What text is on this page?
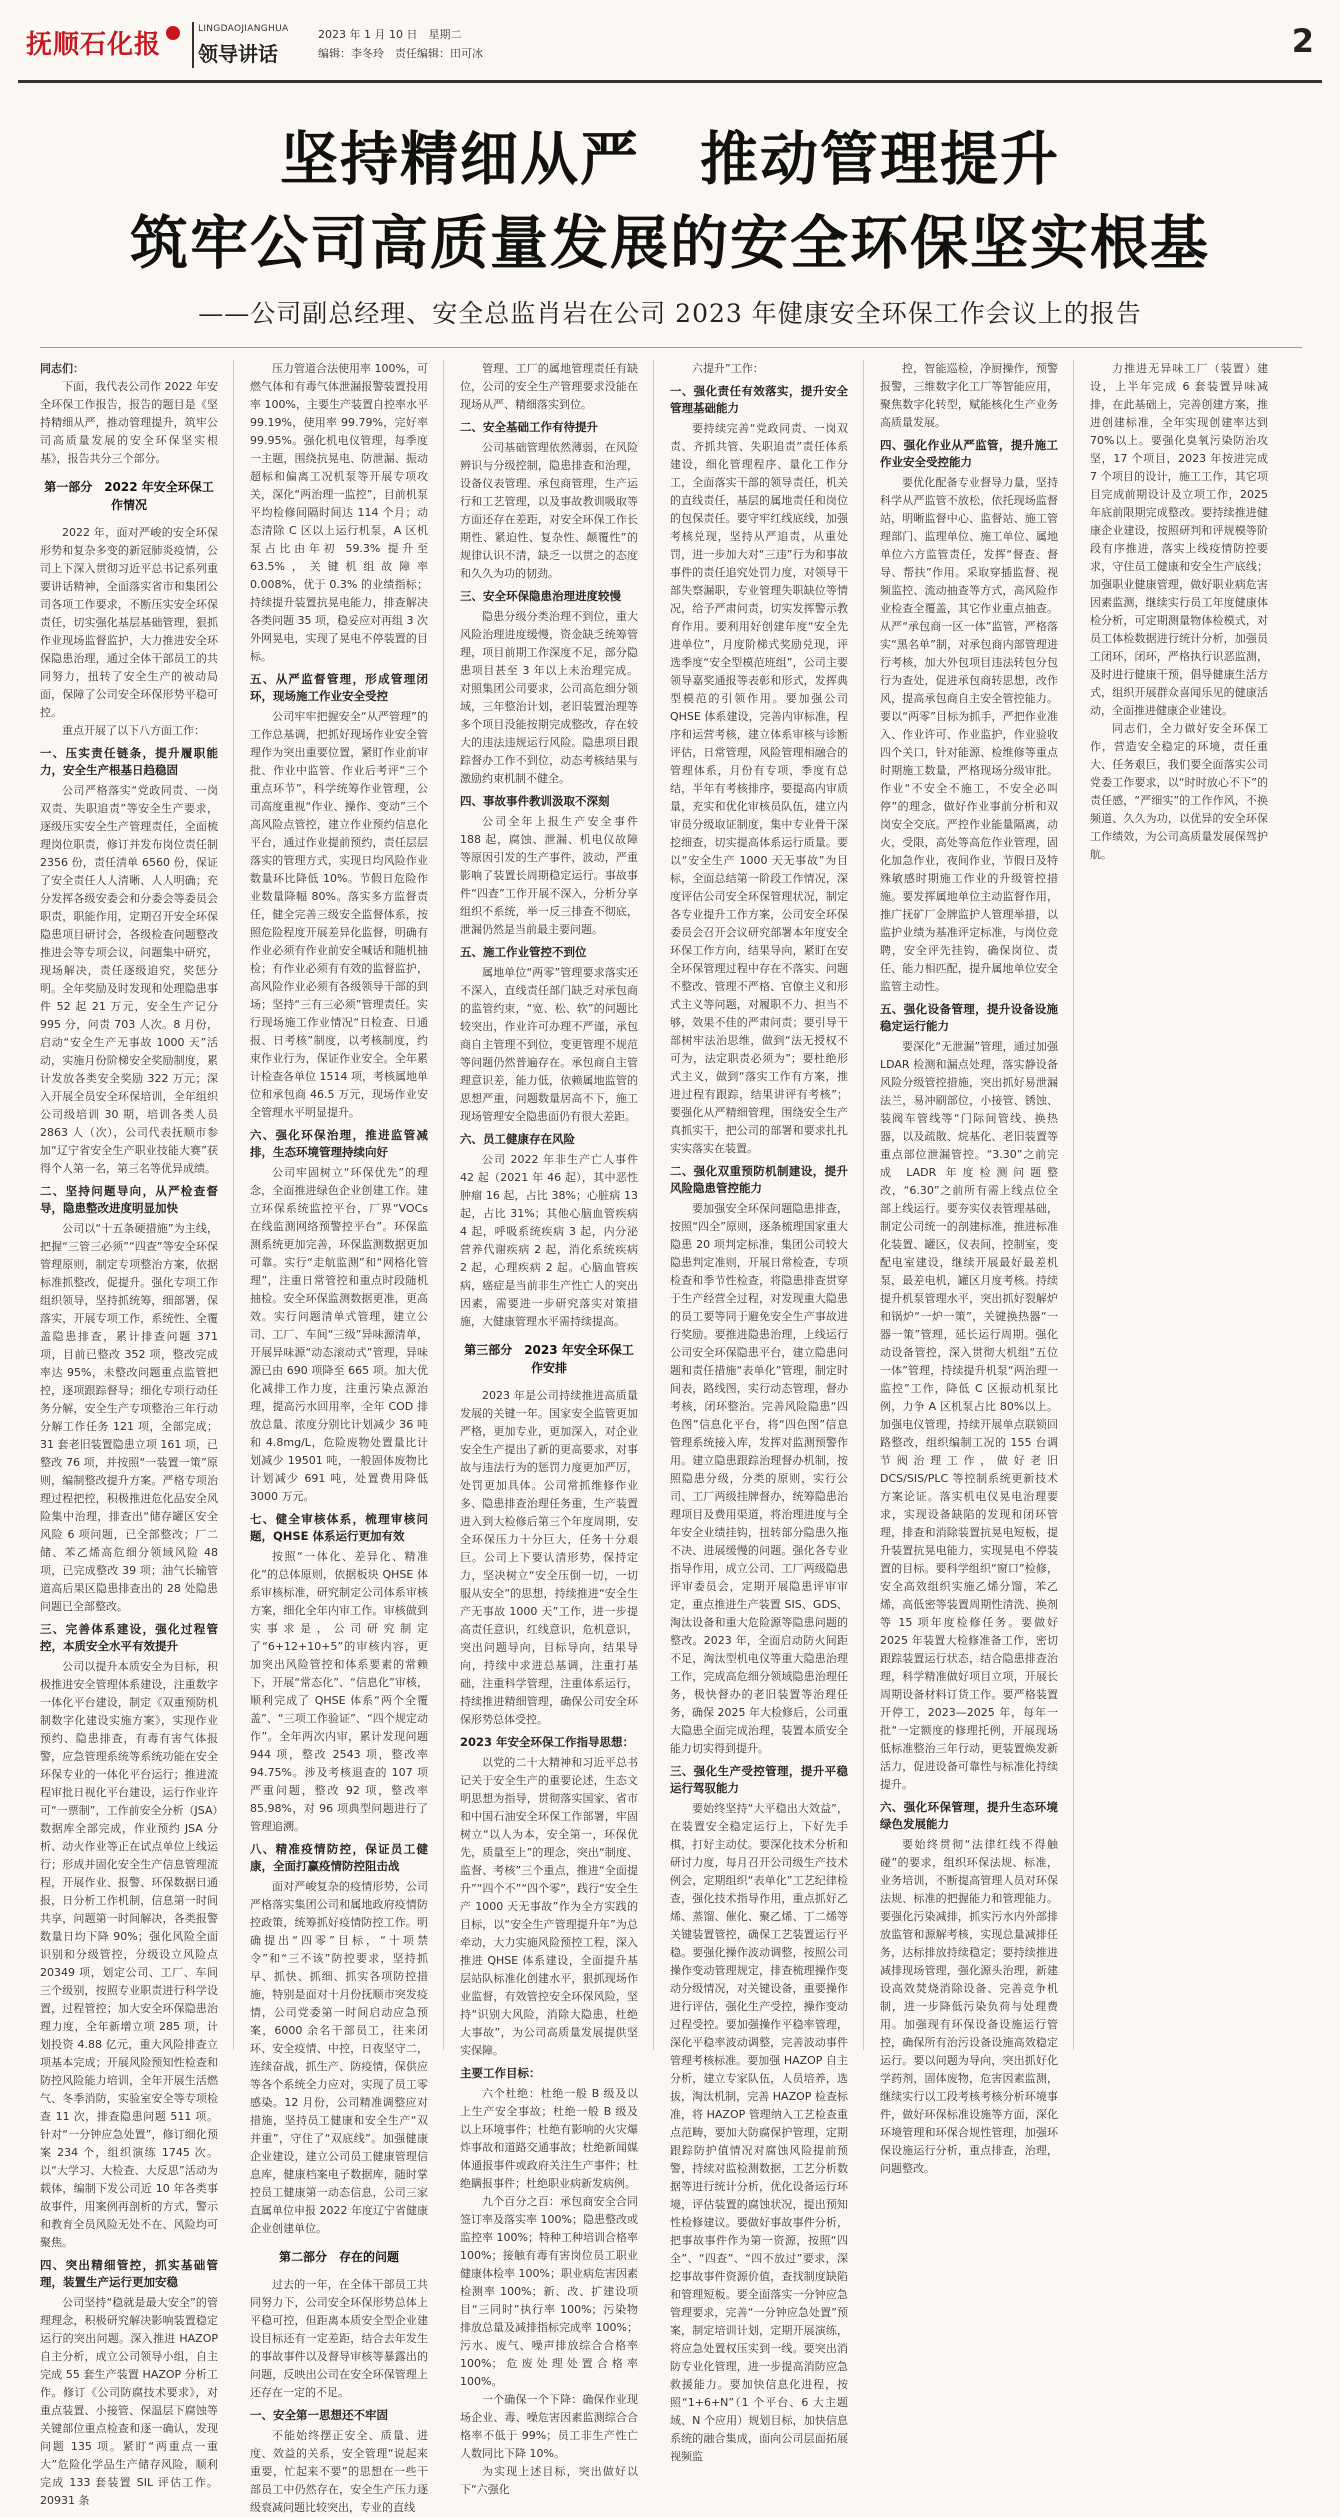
抚顺石化报
LINGDAOJIANGHUA
领导讲话
2023 年 1 月 10 日　星期二
编辑：李冬玲　责任编辑：田可冰	2
坚持精细从严　推动管理提升
筑牢公司高质量发展的安全环保坚实根基
——公司副总经理、安全总监肖岩在公司 2023 年健康安全环保工作会议上的报告

同志们：

下面，我代表公司作 2022 年安全环保工作报告，报告的题目是《坚持精细从严，推动管理提升，筑牢公司高质量发展的安全环保坚实根基》，报告共分三个部分。

第一部分　2022 年安全环保工作情况

2022 年，面对严峻的安全环保形势和复杂多变的新冠肺炎疫情，公司上下深入贯彻习近平总书记系列重要讲话精神，全面落实省市和集团公司各项工作要求，不断压实安全环保责任，切实强化基层基础管理，狠抓作业现场监督监护，大力推进安全环保隐患治理，通过全体干部员工的共同努力，扭转了安全生产的被动局面，保障了公司安全环保形势平稳可控。

重点开展了以下八方面工作：

一、压实责任链条，提升履职能力，安全生产根基日趋稳固

公司严格落实“党政同责、一岗双责、失职追责”等安全生产要求，逐级压实安全生产管理责任，全面梳理岗位职责，修订并发布岗位责任制 2356 份，责任清单 6560 份，保证了安全责任人人清晰、人人明确；充分发挥各级安委会和分委会等委员会职责，职能作用，定期召开安全环保隐患项目研讨会，各级检查问题整改推进会等专项会议，问题集中研究，现场解决，责任逐级追究，奖惩分明。全年奖励及时发现和处理隐患事件 52 起 21 万元，安全生产记分 995 分，问责 703 人次。8 月份，启动“安全生产无事故 1000 天”活动，实施月份阶梯安全奖励制度，累计发放各类安全奖励 322 万元；深入开展全员安全环保培训，全年组织公司级培训 30 期，培训各类人员 2863 人（次），公司代表抚顺市参加“辽宁省安全生产职业技能大赛”获得个人第一名，第三名等优异成绩。

二、坚持问题导向，从严检查督导，隐患整改进度明显加快

公司以“十五条硬措施”为主线，把握“三管三必须”“四查”等安全环保管理原则，制定专项整治方案，依据标准抓整改，促提升。强化专项工作组织领导，坚持抓统筹，细部署，保落实，开展专项工作，系统性、全覆盖隐患排查，累计排查问题 371 项，目前已整改 352 项，整改完成率达 95%，未整改问题重点监管把控，逐项跟踪督导；细化专项行动任务分解，安全生产专项整治三年行动分解工作任务 121 项，全部完成；31 套老旧装置隐患立项 161 项，已整改 76 项，并按照“一装置一策”原则，编制整改提升方案。严格专项治理过程把控，积极推进危化品安全风险集中治理，排查出“储存罐区安全风险 6 项问题，已全部整改；厂二储、苯乙烯高危细分领域风险 48 项，已完成整改 39 项；油气长输管道高后果区隐患排查出的 28 处隐患问题已全部整改。

三、完善体系建设，强化过程管控，本质安全水平有效提升

公司以提升本质安全为目标，积极推进安全管理体系建设，注重数字一体化平台建设，制定《双重预防机制数字化建设实施方案》，实现作业预约、隐患排查，有毒有害气体报警，应急管理系统等系统功能在安全环保专业的一体化平台运行；推进流程审批日视化平台建设，运行作业许可“一票制”，工作前安全分析（JSA）数据库全部完成，作业预约 JSA 分析、动火作业等正在试点单位上线运行；形成并固化安全生产信息管理流程，开展作业、报警、环保数据日通报，日分析工作机制，信息第一时间共享，问题第一时间解决，各类报警数量日均下降 90%；强化风险全面识别和分级管控，分级设立风险点 20349 项，划定公司、工厂、车间三个级别，按照专业职责进行科学设置，过程管控；加大安全环保隐患治理力度，全年新增立项 285 项，计划投资 4.88 亿元，重大风险排查立项基本完成；开展风险预知性检查和防控风险能力培训，全年开展生活燃气、冬季消防，实验室安全等专项检查 11 次，排查隐患问题 511 项。针对“一分钟应急处置”，修订细化预案 234 个，组织演练 1745 次。以“大学习、大检查、大反思”活动为载体，编制下发公司近 10 年各类事故事件，用案例再剖析的方式，警示和教育全员风险无处不在、风险均可聚焦。

四、突出精细管控，抓实基础管理，装置生产运行更加安稳

公司坚持“稳就是最大安全”的管理理念，积极研究解决影响装置稳定运行的突出问题。深入推进 HAZOP 自主分析，成立公司领导小组，自主完成 55 套生产装置 HAZOP 分析工作。修订《公司防腐技术要求》，对重点装置、小接管、保温层下腐蚀等关键部位重点检查和逐一确认，发现问题 135 项。紧盯“两重点一重大”危险化学品生产储存风险，顺利完成 133 套装置 SIL 评估工作。20931 条

压力管道合法使用率 100%，可燃气体和有毒气体泄漏报警装置投用率 100%，主要生产装置自控率水平 99.19%，使用率 99.79%，完好率 99.95%。强化机电仪管理，每季度一主题，围绕抗晃电、防泄漏、振动超标和偏离工况机泵等开展专项攻关，深化“两治理一监控”，目前机泵平均检修间隔时间达 114 个月；动态清除 C 区以上运行机泵，A 区机泵占比由年初 59.3% 提升至 63.5%，关键机组故障率 0.008%，优于 0.3% 的业绩指标；持续提升装置抗晃电能力，排查解决各类问题 35 项，稳妥应对再组 3 次外网晃电，实现了晃电不停装置的目标。

五、从严监督管理，形成管理闭环，现场施工作业安全受控

公司牢牢把握安全“从严管理”的工作总基调，把抓好现场作业安全管理作为突出重要位置，紧盯作业前审批、作业中监管、作业后考评“三个重点环节”，科学统筹作业管理，公司高度重视“作业、操作、变动”三个高风险点管控，建立作业预约信息化平台，通过作业提前预约，责任层层落实的管理方式，实现日均风险作业数量环比降低 10%。节假日危险作业数量降幅 80%。落实多方监督责任，健全完善三级安全监督体系，按照危险程度开展差异化监督，明确有作业必须有作业前安全喊话和随机抽检；有作业必须有有效的监督监护，高风险作业必须有各级领导干部的到场；坚持“三有三必须”管理责任。实行现场施工作业情况“日检查、日通报、日考核”制度，以考核制度，约束作业行为，保证作业安全。全年累计检查各单位 1514 项，考核属地单位和承包商 46.5 万元，现场作业安全管理水平明显提升。

六、强化环保治理，推进监管减排，生态环境管理持续向好

公司牢固树立“环保优先”的理念，全面推进绿色企业创建工作。建立环保系统监控平台，厂界“VOCs 在线监测网络预警控平台”。环保监测系统更加完善，环保监测数据更加可靠。实行“走航监测”和“网格化管理”，注重日常管控和重点时段随机抽检。安全环保监测数据更准，更高效。实行问题清单式管理，建立公司、工厂、车间“三级”异味源清单，开展异味源“动态滚动式”管理，异味源已由 690 项降至 665 项。加大优化减排工作力度，注重污染点源治理，提高污水回用率，全年 COD 排放总量、浓度分别比计划减少 36 吨和 4.8mg/L，危险废物处置量比计划减少 19501 吨，一般固体废物比计划减少 691 吨，处置费用降低 3000 万元。

七、健全审核体系，梳理审核问题，QHSE 体系运行更加有效

按照“一体化、差异化、精准化”的总体原则，依据板块 QHSE 体系审核标准，研究制定公司体系审核方案，细化全年内审工作。审核做到实事求是，公司研究制定了“6+12+10+5”的审核内容，更加突出风险管控和体系要素的常赖下，开展“常态化”、“信息化”审核，顺利完成了 QHSE 体系“两个全覆盖”、“三项工作验证”、“四个规定动作”。全年两次内审，累计发现问题 944 项，整改 2543 项，整改率 94.75%。涉及考核退查的 107 项严重问题，整改 92 项，整改率 85.98%，对 96 项典型问题进行了管理追溯。

八、精准疫情防控，保证员工健康，全面打赢疫情防控阻击战

面对严峻复杂的疫情形势，公司严格落实集团公司和属地政府疫情防控政策，统筹抓好疫情防控工作。明确提出“四零”目标，“十项禁令”和“三不该”防控要求，坚持抓早、抓快、抓细、抓实各项防控措施，特别是面对十月份抚顺市突发疫情，公司党委第一时间启动应急预案，6000 余名干部员工，往来闭环、安全疫情、中控，日夜坚守二，连续奋战，抓生产、防疫情，保供应等各个系统全力应对，实现了员工零感染。12 月份，公司精准调整应对措施，坚持员工健康和安全生产“双并重”，守住了“双底线”。加强健康企业建设，建立公司员工健康管理信息库，健康档案电子数据库，随时掌控员工健康第一动态信息，公司三家直属单位申报 2022 年度辽宁省健康企业创建单位。

第二部分　存在的问题

过去的一年，在全体干部员工共同努力下，公司安全环保形势总体上平稳可控，但距离本质安全型企业建设目标还有一定差距，结合去年发生的事故事件以及督导审核等暴露出的问题，反映出公司在安全环保管理上还存在一定的不足。

一、安全第一思想还不牢固

不能始终摆正安全、质量、进度、效益的关系，安全管理“说起来重要，忙起来不要”的思想在一些干部员工中仍然存在，安全生产压力逐级衰减问题比较突出，专业的直线

管理、工厂的属地管理责任有缺位，公司的安全生产管理要求没能在现场从严、精细落实到位。

二、安全基础工作有待提升

公司基础管理依然薄弱，在风险辨识与分级控制，隐患排查和治理，设备仪表管理、承包商管理，生产运行和工艺管理，以及事故教训吸取等方面还存在差距，对安全环保工作长期性、紧迫性、复杂性、颠覆性”的规律认识不清，缺乏一以贯之的态度和久久为功的韧劲。

三、安全环保隐患治理进度较慢

隐患分级分类治理不到位，重大风险治理进度缓慢，资金缺乏统筹管理，项目前期工作深度不足，部分隐患项目甚至 3 年以上未治理完成。对照集团公司要求，公司高危细分领域，三年整治计划，老旧装置治理等多个项目没能按期完成整改，存在较大的违法违规运行风险。隐患项目跟踪督办工作不到位，动态考核结果与激励约束机制不健全。

四、事故事件教训汲取不深刻

公司全年上报生产安全事件 188 起，腐蚀、泄漏、机电仪故障等原因引发的生产事件，波动，严重影响了装置长周期稳定运行。事故事件“四査”工作开展不深入，分析分享组织不系统，举一反三排查不彻底，泄漏仍然是当前最主要问题。

五、施工作业管控不到位

属地单位“两零”管理要求落实还不深入，直线责任部门缺乏对承包商的监管约束，“宽、松、软”的问题比较突出，作业许可办理不严谨，承包商自主管理不到位，变更管理不规范等问题仍然普遍存在。承包商自主管理意识差，能力低，依赖属地监管的思想严重，问题数量居高不下，施工现场管理安全隐患面仍有很大差距。

六、员工健康存在风险

公司 2022 年非生产亡人事件 42 起（2021 年 46 起），其中恶性肿瘤 16 起，占比 38%；心脏病 13 起，占比 31%；其他心脑血管疾病 4 起，呼吸系统疾病 3 起，内分泌营养代谢疾病 2 起，消化系统疾病 2 起，心理疾病 2 起。心脑血管疾病，癌症是当前非生产性亡人的突出因素，需要进一步研究落实对策措施，大健康管理水平需持续提高。

第三部分　2023 年安全环保工作安排

2023 年是公司持续推进高质量发展的关键一年。国家安全监管更加严格，更加专业，更加深入，对企业安全生产提出了新的更高要求，对事故与违法行为的惩罚力度更加严厉，处罚更加具体。公司常抓维修作业多、隐患排查治理任务重，生产装置进入到大检修后第三个年度周期，安全环保压力十分巨大，任务十分艰巨。公司上下要认清形势，保持定力，坚决树立“安全压倒一切，一切服从安全”的思想，持续推进“安全生产无事故 1000 天”工作，进一步提高责任意识，红线意识，危机意识，突出问题导向，目标导向，结果导向，持续中求进总基调，注重打基础，注重科学管理，注重体系运行，持续推进精细管理，确保公司安全环保形势总体受控。

2023 年安全环保工作指导思想：

以党的二十大精神和习近平总书记关于安全生产的重要论述，生态文明思想为指导，贯彻落实国家、省市和中国石油安全环保工作部署，牢固树立“以人为本，安全第一，环保优先，质量至上”的理念，突出“制度、监督、考核”三个重点，推进“全面提升”“四个不”“四个零”，践行“安全生产 1000 天无事故”作为全方实践的目标，以“安全生产管理提升年”为总牵动，大力实施风险预控工程，深入推进 QHSE 体系建设，全面提升基层站队标准化创建水平，狠抓现场作业监督，有效管控安全环保风险，坚持“识别大风险，消除大隐患，杜绝大事故”，为公司高质量发展提供坚实保障。

主要工作目标：

六个杜绝：杜绝一般 B 级及以上生产安全事故；杜绝一般 B 级及以上环境事件；杜绝有影响的火灾爆炸事故和道路交通事故；杜绝新闻媒体通报事件或政府关注生产事件；杜绝瞒报事件；杜绝职业病新发病例。

九个百分之百：承包商安全合同签订率及落实率 100%；隐患整改或监控率 100%；特种工种培训合格率 100%；接触有毒有害岗位员工职业健康体检率 100%；职业病危害因素检测率 100%；新、改、扩建设项目“三同时”执行率 100%；污染物排放总量及减排指标完成率 100%；污水、废气、噪声排放综合合格率 100%；危废处理处置合格率 100%。

一个确保一个下降：确保作业现场企业、毒、噪危害因素监测综合合格率不低于 99%；员工非生产性亡人数同比下降 10%。

为实现上述目标，突出做好以下“六强化

六提升”工作：

一、强化责任有效落实，提升安全管理基础能力

要持续完善“党政同责、一岗双责、齐抓共管、失职追责”责任体系建设，细化管理程序、量化工作分工，全面落实干部的领导责任，机关的直线责任，基层的属地责任和岗位的包保责任。要守牢红线底线，加强考核兑现，坚持从严追责，从重处罚，进一步加大对“三违”行为和事故事件的责任追究处罚力度，对领导干部失察漏职，专业管理失职缺位等情况，给予严肃问责，切实发挥警示教育作用。要利用好创建年度“安全先进单位”，月度阶梯式奖励兑现，评选季度“安全型模范班组”，公司主要领导嘉奖通报等表彰和形式，发挥典型模范的引领作用。要加强公司 QHSE 体系建设，完善内审标准，程序和运营考核，建立体系审核与诊断评估，日常管理，风险管理相融合的管理体系，月份有专项，季度有总结，半年有考核排序，要提高内审质量，充实和优化审核员队伍，建立内审员分级取证制度，集中专业骨干深挖细查，切实提高体系运行质量。要以“安全生产 1000 天无事故”为目标，全面总结第一阶段工作情况，深度评估公司安全环保管理状况，制定各专业提升工作方案，公司安全环保委员会召开会议研究部署本年度安全环保工作方向，结果导向，紧盯在安全环保管理过程中存在不落实、问题不整改、管理不严格、官僚主义和形式主义等问题，对履职不力、担当不够，效果不佳的严肃问责；要引导干部树牢法治思维，做到“法无授权不可为，法定职责必须为”；要杜绝形式主义，做到“落实工作有方案，推进过程有跟踪，结果讲评有考核”；要强化从严精细管理，围绕安全生产真抓实干，把公司的部署和要求扎扎实实落实在装置。

二、强化双重预防机制建设，提升风险隐患管控能力

要加强安全环保问题隐患排查，按照“四全”原则，逐条梳理国家重大隐患 20 项判定标准，集团公司较大隐患判定准则，开展日常检查，专项检查和季节性检查，将隐患排查贯穿于生产经营全过程，对发现重大隐患的员工要等同于避免安全生产事故进行奖励。要推进隐患治理，上线运行公司安全环保隐患平台，建立隐患问题和责任措施“表单化”管理，制定时间表，路线图，实行动态管理，督办考核，闭环整治。完善风险隐患“四色图”信息化平台，将“四色图”信息管理系统接入库，发挥对监测预警作用。建立隐患跟踪治理督办机制，按照隐患分级，分类的原则，实行公司、工厂两级挂牌督办，统筹隐患治理项目及费用渠道，将治理进度与全年安全业绩挂钩，扭转部分隐患久拖不决、进展缓慢的问题。强化各专业指导作用，成立公司、工厂两级隐患评审委员会，定期开展隐患评审审定，重点推进生产装置 SIS、GDS、淘汰设备和重大危险源等隐患问题的整改。2023 年，全面启动防火间距不足，淘汰型机电仪等重大隐患治理工作，完成高危细分领域隐患治理任务，极快督办的老旧装置等治理任务，确保 2025 年大检修后，公司重大隐患全面完成治理，装置本质安全能力切实得到提升。

三、强化生产受控管理，提升平稳运行驾驭能力

要始终坚持“大平稳出大效益”，在装置安全稳定运行上，下好先手棋，打好主动仗。要深化技术分析和研讨力度，每月召开公司级生产技术例会，定期组织“表单化”工艺纪律检查，强化技术指导作用，重点抓好乙烯、蒸馏、催化、聚乙烯、丁二烯等关键装置管控，确保工艺装置运行平稳。要强化操作波动调整，按照公司操作变动管理规定，排查梳理操作变动分级情况，对关键设备，重要操作进行评估，强化生产受控，操作变动过程受控。要加强操作平稳率管理，深化平稳率波动调整，完善波动事件管理考核标准。要加强 HAZOP 自主分析，建立专家队伍，人员培养，选拔，淘汰机制，完善 HAZOP 检查标准，将 HAZOP 管理纳入工艺检查重点范畴，要加大防腐保护管理，定期跟踪防护值情况对腐蚀风险提前预警，持续对监检测数据，工艺分析数据等进行统计分析，优化设备运行环境，评估装置的腐蚀状况，提出预知性检修建议。要做好事故事件分析，把事故事件作为第一资源，按照“四全”、“四查”、“四不放过”要求，深挖事故事件资源价值，查找制度缺陷和管理短板。要全面落实一分钟应急管理要求，完善“一分钟应急处置”预案，制定培训计划，定期开展演练，将应急处置权压实到一线。要突出消防专业化管理，进一步提高消防应急救援能力。要加快信息化进程，按照“1+6+N”（1 个平台、6 大主题域、N 个应用）规划目标，加快信息系统的融合集成，面向公司层面拓展视频监

控，智能巡检，净厨操作，预警报警，三维数字化工厂等智能应用，聚焦数字化转型，赋能核化生产业务高质量发展。

四、强化作业从严监管，提升施工作业安全受控能力

要优化配备专业督导力量，坚持科学从严监管不放松，依托现场监督站，明晰监督中心、监督站、施工管理部门、监理单位、施工单位、属地单位六方监管责任，发挥“督查、督导、帮扶”作用。采取穿插监督、视频监控、流动抽查等方式，高风险作业检查全覆盖，其它作业重点抽查。从严“承包商一区一体”监管，严格落实“黑名单”制，对承包商内部管理进行考核，加大外包项目违法转包分包行为查处，促进承包商转思想，改作风，提高承包商自主安全管控能力。要以“两零”目标为抓手，严把作业准入、作业许可、作业监护，作业验收四个关口，针对能源、检维修等重点时期施工数量，严格现场分级审批。作业“不安全不施工，不安全必叫停”的理念，做好作业事前分析和双岗安全交底。严控作业能量隔离，动火，受限，高处等高危作业管理，固化加急作业，夜间作业，节假日及特殊敏感时期施工作业的升级管控措施。要发挥属地单位主动监督作用，推广抚矿厂金牌监护人管理举措，以监护业绩为基准评定标准，与岗位竞聘，安全评先挂钩，确保岗位、责任、能力相匹配，提升属地单位安全监管主动性。

五、强化设备管理，提升设备设施稳定运行能力

要深化“无泄漏”管理，通过加强 LDAR 检测和漏点处理，落实静设备风险分级管控措施，突出抓好易泄漏法兰，易冲刷部位，小接管、锈蚀、装阀车管线等“门际间管线、换热器，以及疏散、烷基化、老旧装置等重点部位泄漏管控。“3.30”之前完成 LADR 年度检测问题整改，“6.30”之前所有需上线点位全部上线运行。要夯实仪表管理基础，制定公司统一的剖建标准，推进标准化装置、罐区，仪表间，控制室，变配电室建设，继续开展最好最差机泵，最差电机，罐区月度考核。持续提升机泵管理水平，突出抓好裂解炉和锅炉“一炉一策”，关键换热器“一器一策”管理，延长运行周期。强化动设备管控，深入贯彻大机组“五位一体”管理，持续提升机泵“两治理一监控”工作，降低 C 区振动机泵比例，力争 A 区机泵占比 80%以上。加强电仪管理，持续开展单点联锁回路整改，组织编制工况的 155 台调节阀治理工作，做好老旧 DCS/SIS/PLC 等控制系统更新技术方案论证。落实机电仪晃电治理要求，实现设备缺陷的发现和闭环管理，排查和消除装置抗晃电短板，提升装置抗晃电能力，实现晃电不停装置的目标。要科学组织“窗口”检修，安全高效组织实施乙烯分馏，苯乙烯，高低密等装置周期性清洗、换剂等 15 项年度检修任务。要做好 2025 年装置大检修准备工作，密切跟踪装置运行状态，结合隐患排查治理，科学精准做好项目立项，开展长周期设备材料订货工作。要严格装置开停工，2023—2025 年，每年一批“一定额度的修理托例，开展现场低标准整治三年行动，更装置焕发新活力，促进设备可靠性与标准化持续提升。

六、强化环保管理，提升生态环境绿色发展能力

要始终贯彻“法律红线不得触碰”的要求，组织环保法规、标准，业务培训，不断提高管理人员对环保法规、标准的把握能力和管理能力。要强化污染减排，抓实污水内外部排放监管和源解考核，实现总量减排任务，达标排放持续稳定；要持续推进减排现场管理，强化源头治理，新建设高效焚烧消除设备、完善竞争机制，进一步降低污染负荷与处理费用。加强现有环保设备设施运行管控，确保所有治污设备设施高效稳定运行。要以问题为导向，突出抓好化学药剂，固体废物，危害因素监测，继续实行以工段考核考核分析环境事件，做好环保标准设施等方面，深化环境管理和环保合规性管理，加强环保设施运行分析，重点排查，治理，问题整改。

力推进无异味工厂（装置）建设，上半年完成 6 套装置异味减排，在此基础上，完善创建方案，推进创建标准，全年实现创建率达到 70%以上。要强化臭氧污染防治攻坚，17 个项目，2023 年按进完成 7 个项目的设计，施工工作，其它项目完成前期设计及立项工作，2025 年底前限期完成整改。要持续推进健康企业建设，按照研判和评规模等阶段有序推进，落实上线疫情防控要求，守住员工健康和安全生产底线；加强职业健康管理，做好职业病危害因素监测，继续实行员工年度健康体检分析，可定期测量物体检模式，对员工体检数据进行统计分析，加强员工闭环，闭环，严格执行识恶监测，及时进行健康干预，倡导健康生活方式，组织开展群众喜闻乐见的健康活动，全面推进健康企业建设。

同志们，全力做好安全环保工作，营造安全稳定的环境，责任重大、任务艰巨，我们要全面落实公司党委工作要求，以“时时放心不下”的责任感，“严细实”的工作作风，不换频道、久久为功，以优异的安全环保工作绩效，为公司高质量发展保驾护航。
